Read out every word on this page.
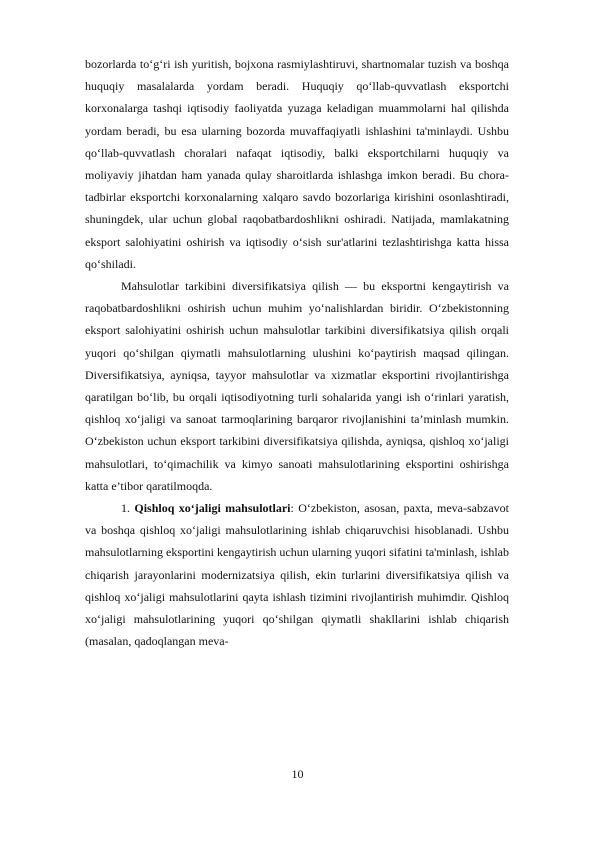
bozorlarda to‘g‘ri ish yuritish, bojxona rasmiylashtiruvi, shartnomalar tuzish va boshqa huquqiy masalalarda yordam beradi. Huquqiy qo‘llab-quvvatlash eksportchi korxonalarga tashqi iqtisodiy faoliyatda yuzaga keladigan muammolarni hal qilishda yordam beradi, bu esa ularning bozorda muvaffaqiyatli ishlashini ta'minlaydi. Ushbu qo‘llab-quvvatlash choralari nafaqat iqtisodiy, balki eksportchilarni huquqiy va moliyaviy jihatdan ham yanada qulay sharoitlarda ishlashga imkon beradi. Bu chora-tadbirlar eksportchi korxonalarning xalqaro savdo bozorlariga kirishini osonlashtiradi, shuningdek, ular uchun global raqobatbardoshlikni oshiradi. Natijada, mamlakatning eksport salohiyatini oshirish va iqtisodiy o‘sish sur'atlarini tezlashtirishga katta hissa qo‘shiladi.

Mahsulotlar tarkibini diversifikatsiya qilish — bu eksportni kengaytirish va raqobatbardoshlikni oshirish uchun muhim yo‘nalishlardan biridir. O‘zbekistonning eksport salohiyatini oshirish uchun mahsulotlar tarkibini diversifikatsiya qilish orqali yuqori qo‘shilgan qiymatli mahsulotlarning ulushini ko‘paytirish maqsad qilingan. Diversifikatsiya, ayniqsa, tayyor mahsulotlar va xizmatlar eksportini rivojlantirishga qaratilgan bo‘lib, bu orqali iqtisodiyotning turli sohalarida yangi ish o‘rinlari yaratish, qishloq xo‘jaligi va sanoat tarmoqlarining barqaror rivojlanishini ta’minlash mumkin. O‘zbekiston uchun eksport tarkibini diversifikatsiya qilishda, ayniqsa, qishloq xo‘jaligi mahsulotlari, to‘qimachilik va kimyo sanoati mahsulotlarining eksportini oshirishga katta e’tibor qaratilmoqda.

1. Qishloq xo‘jaligi mahsulotlari: O‘zbekiston, asosan, paxta, meva-sabzavot va boshqa qishloq xo‘jaligi mahsulotlarining ishlab chiqaruvchisi hisoblanadi. Ushbu mahsulotlarning eksportini kengaytirish uchun ularning yuqori sifatini ta'minlash, ishlab chiqarish jarayonlarini modernizatsiya qilish, ekin turlarini diversifikatsiya qilish va qishloq xo‘jaligi mahsulotlarini qayta ishlash tizimini rivojlantirish muhimdir. Qishloq xo‘jaligi mahsulotlarining yuqori qo‘shilgan qiymatli shakllarini ishlab chiqarish (masalan, qadoqlangan meva-

10
